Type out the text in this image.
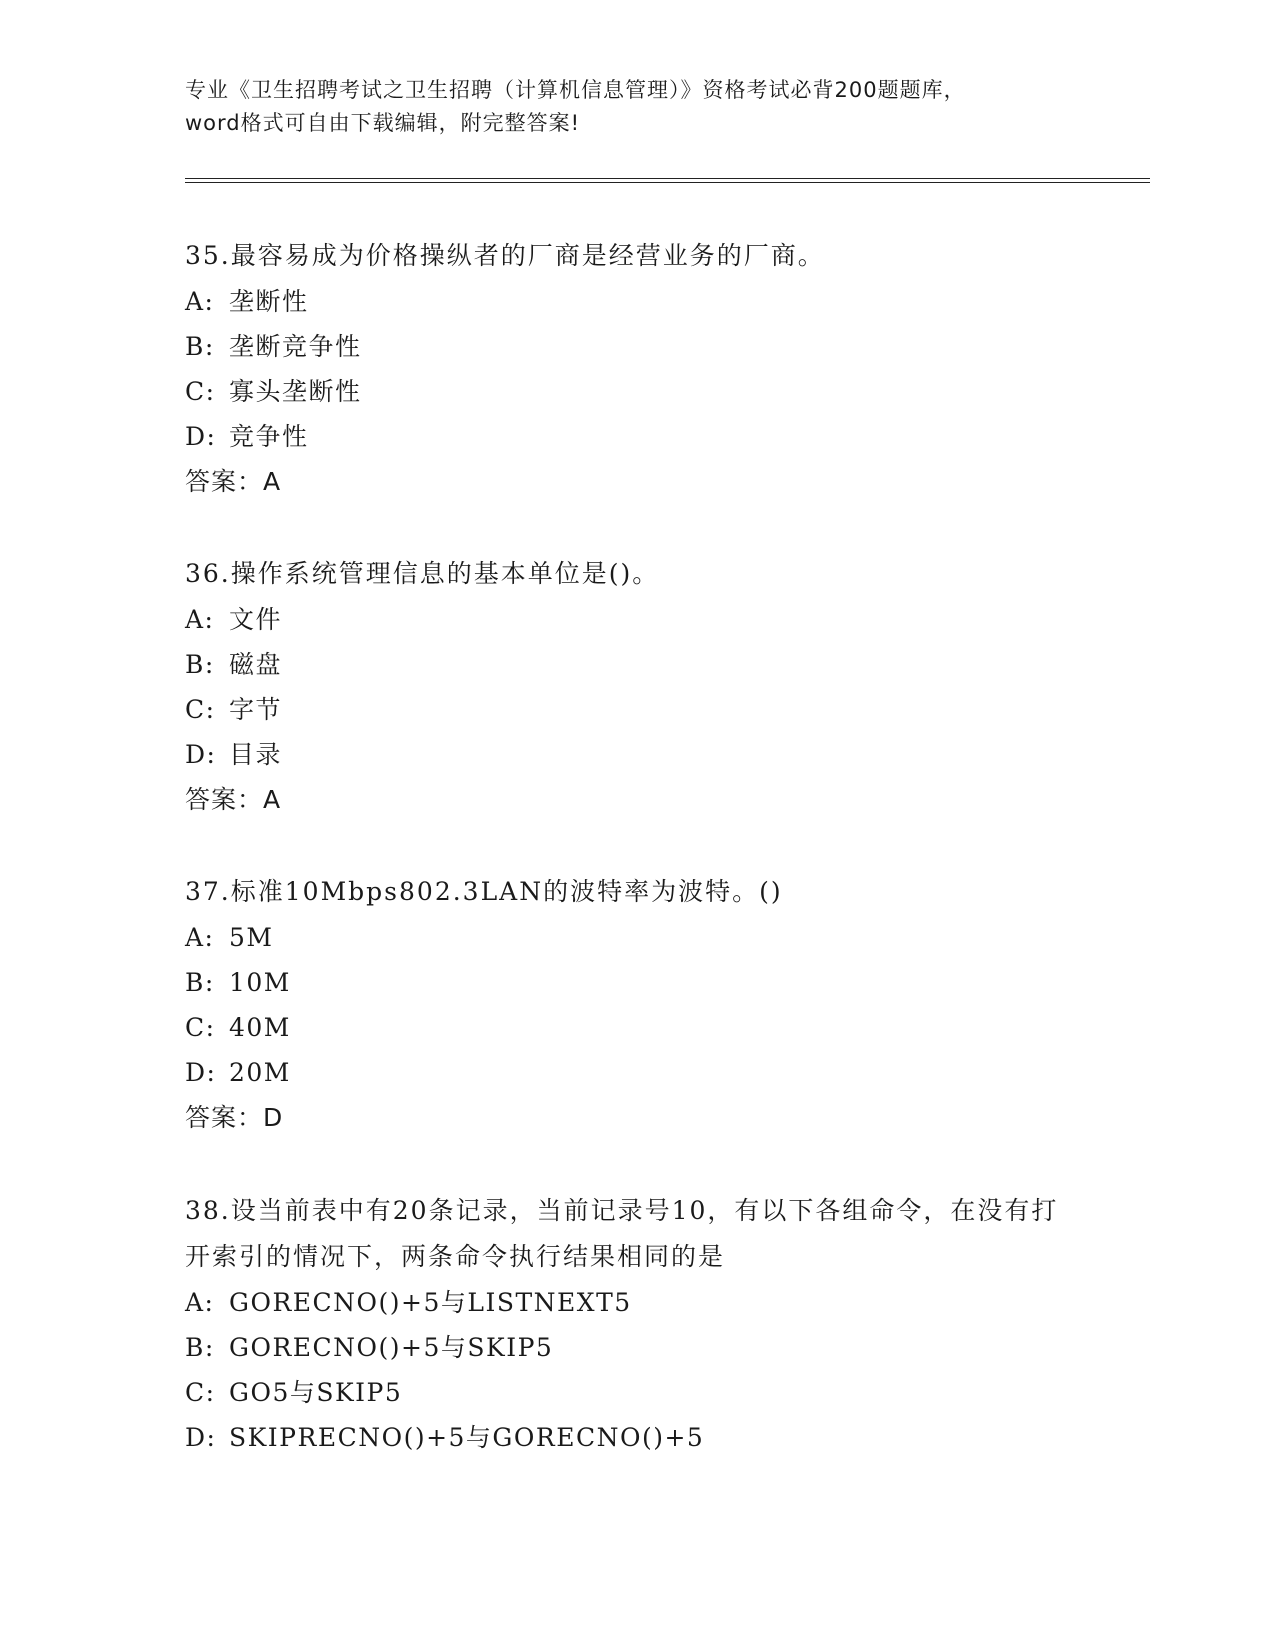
专业《卫生招聘考试之卫生招聘（计算机信息管理）》资格考试必背200题题库，
word格式可自由下载编辑，附完整答案!

35.最容易成为价格操纵者的厂商是经营业务的厂商。

A: 垄断性

B: 垄断竞争性

C: 寡头垄断性

D: 竞争性

答案：A

36.操作系统管理信息的基本单位是()。

A: 文件

B: 磁盘

C: 字节

D: 目录

答案：A

37.标准10Mbps802.3LAN的波特率为波特。()

A: 5M

B: 10M

C: 40M

D: 20M

答案：D

38.设当前表中有20条记录，当前记录号10，有以下各组命令，在没有打开索引的情况下，两条命令执行结果相同的是

A: GORECNO()+5与LISTNEXT5

B: GORECNO()+5与SKIP5

C: GO5与SKIP5

D: SKIPRECNO()+5与GORECNO()+5
